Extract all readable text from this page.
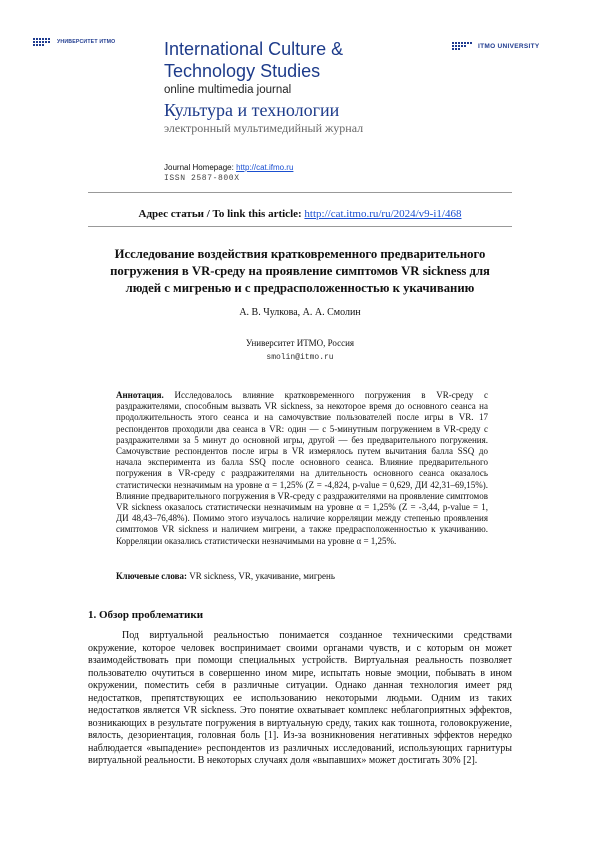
УНИВЕРСИТЕТ ИТМО
ITMO UNIVERSITY
International Culture &
Technology Studies
online multimedia journal
Культура и технологии
электронный мультимедийный журнал
Journal Homepage: http://cat.ifmo.ru
ISSN 2587-800X
Адрес статьи / To link this article: http://cat.itmo.ru/ru/2024/v9-i1/468
Исследование воздействия кратковременного предварительного погружения в VR-среду на проявление симптомов VR sickness для людей с мигренью и с предрасположенностью к укачиванию
А. В. Чулкова, А. А. Смолин
Университет ИТМО, Россия
smolin@itmo.ru
Аннотация. Исследовалось влияние кратковременного погружения в VR-среду с раздражителями, способным вызвать VR sickness, за некоторое время до основного сеанса на продолжительность этого сеанса и на самочувствие пользователей после игры в VR. 17 респондентов проходили два сеанса в VR: один — с 5-минутным погружением в VR-среду с раздражителями за 5 минут до основной игры, другой — без предварительного погружения. Самочувствие респондентов после игры в VR измерялось путем вычитания балла SSQ до начала эксперимента из балла SSQ после основного сеанса. Влияние предварительного погружения в VR-среду с раздражителями на длительность основного сеанса оказалось статистически незначимым на уровне α = 1,25% (Z = -4,824, p-value = 0,629, ДИ 42,31–69,15%). Влияние предварительного погружения в VR-среду с раздражителями на проявление симптомов VR sickness оказалось статистически незначимым на уровне α = 1,25% (Z = -3,44, p-value = 1, ДИ 48,43–76,48%). Помимо этого изучалось наличие корреляции между степенью проявления симптомов VR sickness и наличием мигрени, а также предрасположенностью к укачиванию. Корреляции оказались статистически незначимыми на уровне α = 1,25%.
Ключевые слова: VR sickness, VR, укачивание, мигрень
1. Обзор проблематики
Под виртуальной реальностью понимается созданное техническими средствами окружение, которое человек воспринимает своими органами чувств, и с которым он может взаимодействовать при помощи специальных устройств. Виртуальная реальность позволяет пользователю очутиться в совершенно ином мире, испытать новые эмоции, побывать в ином окружении, поместить себя в различные ситуации. Однако данная технология имеет ряд недостатков, препятствующих ее использованию некоторыми людьми. Одним из таких недостатков является VR sickness. Это понятие охватывает комплекс неблагоприятных эффектов, возникающих в результате погружения в виртуальную среду, таких как тошнота, головокружение, вялость, дезориентация, головная боль [1]. Из-за возникновения негативных эффектов нередко наблюдается «выпадение» респондентов из различных исследований, использующих гарнитуры виртуальной реальности. В некоторых случаях доля «выпавших» может достигать 30% [2].
